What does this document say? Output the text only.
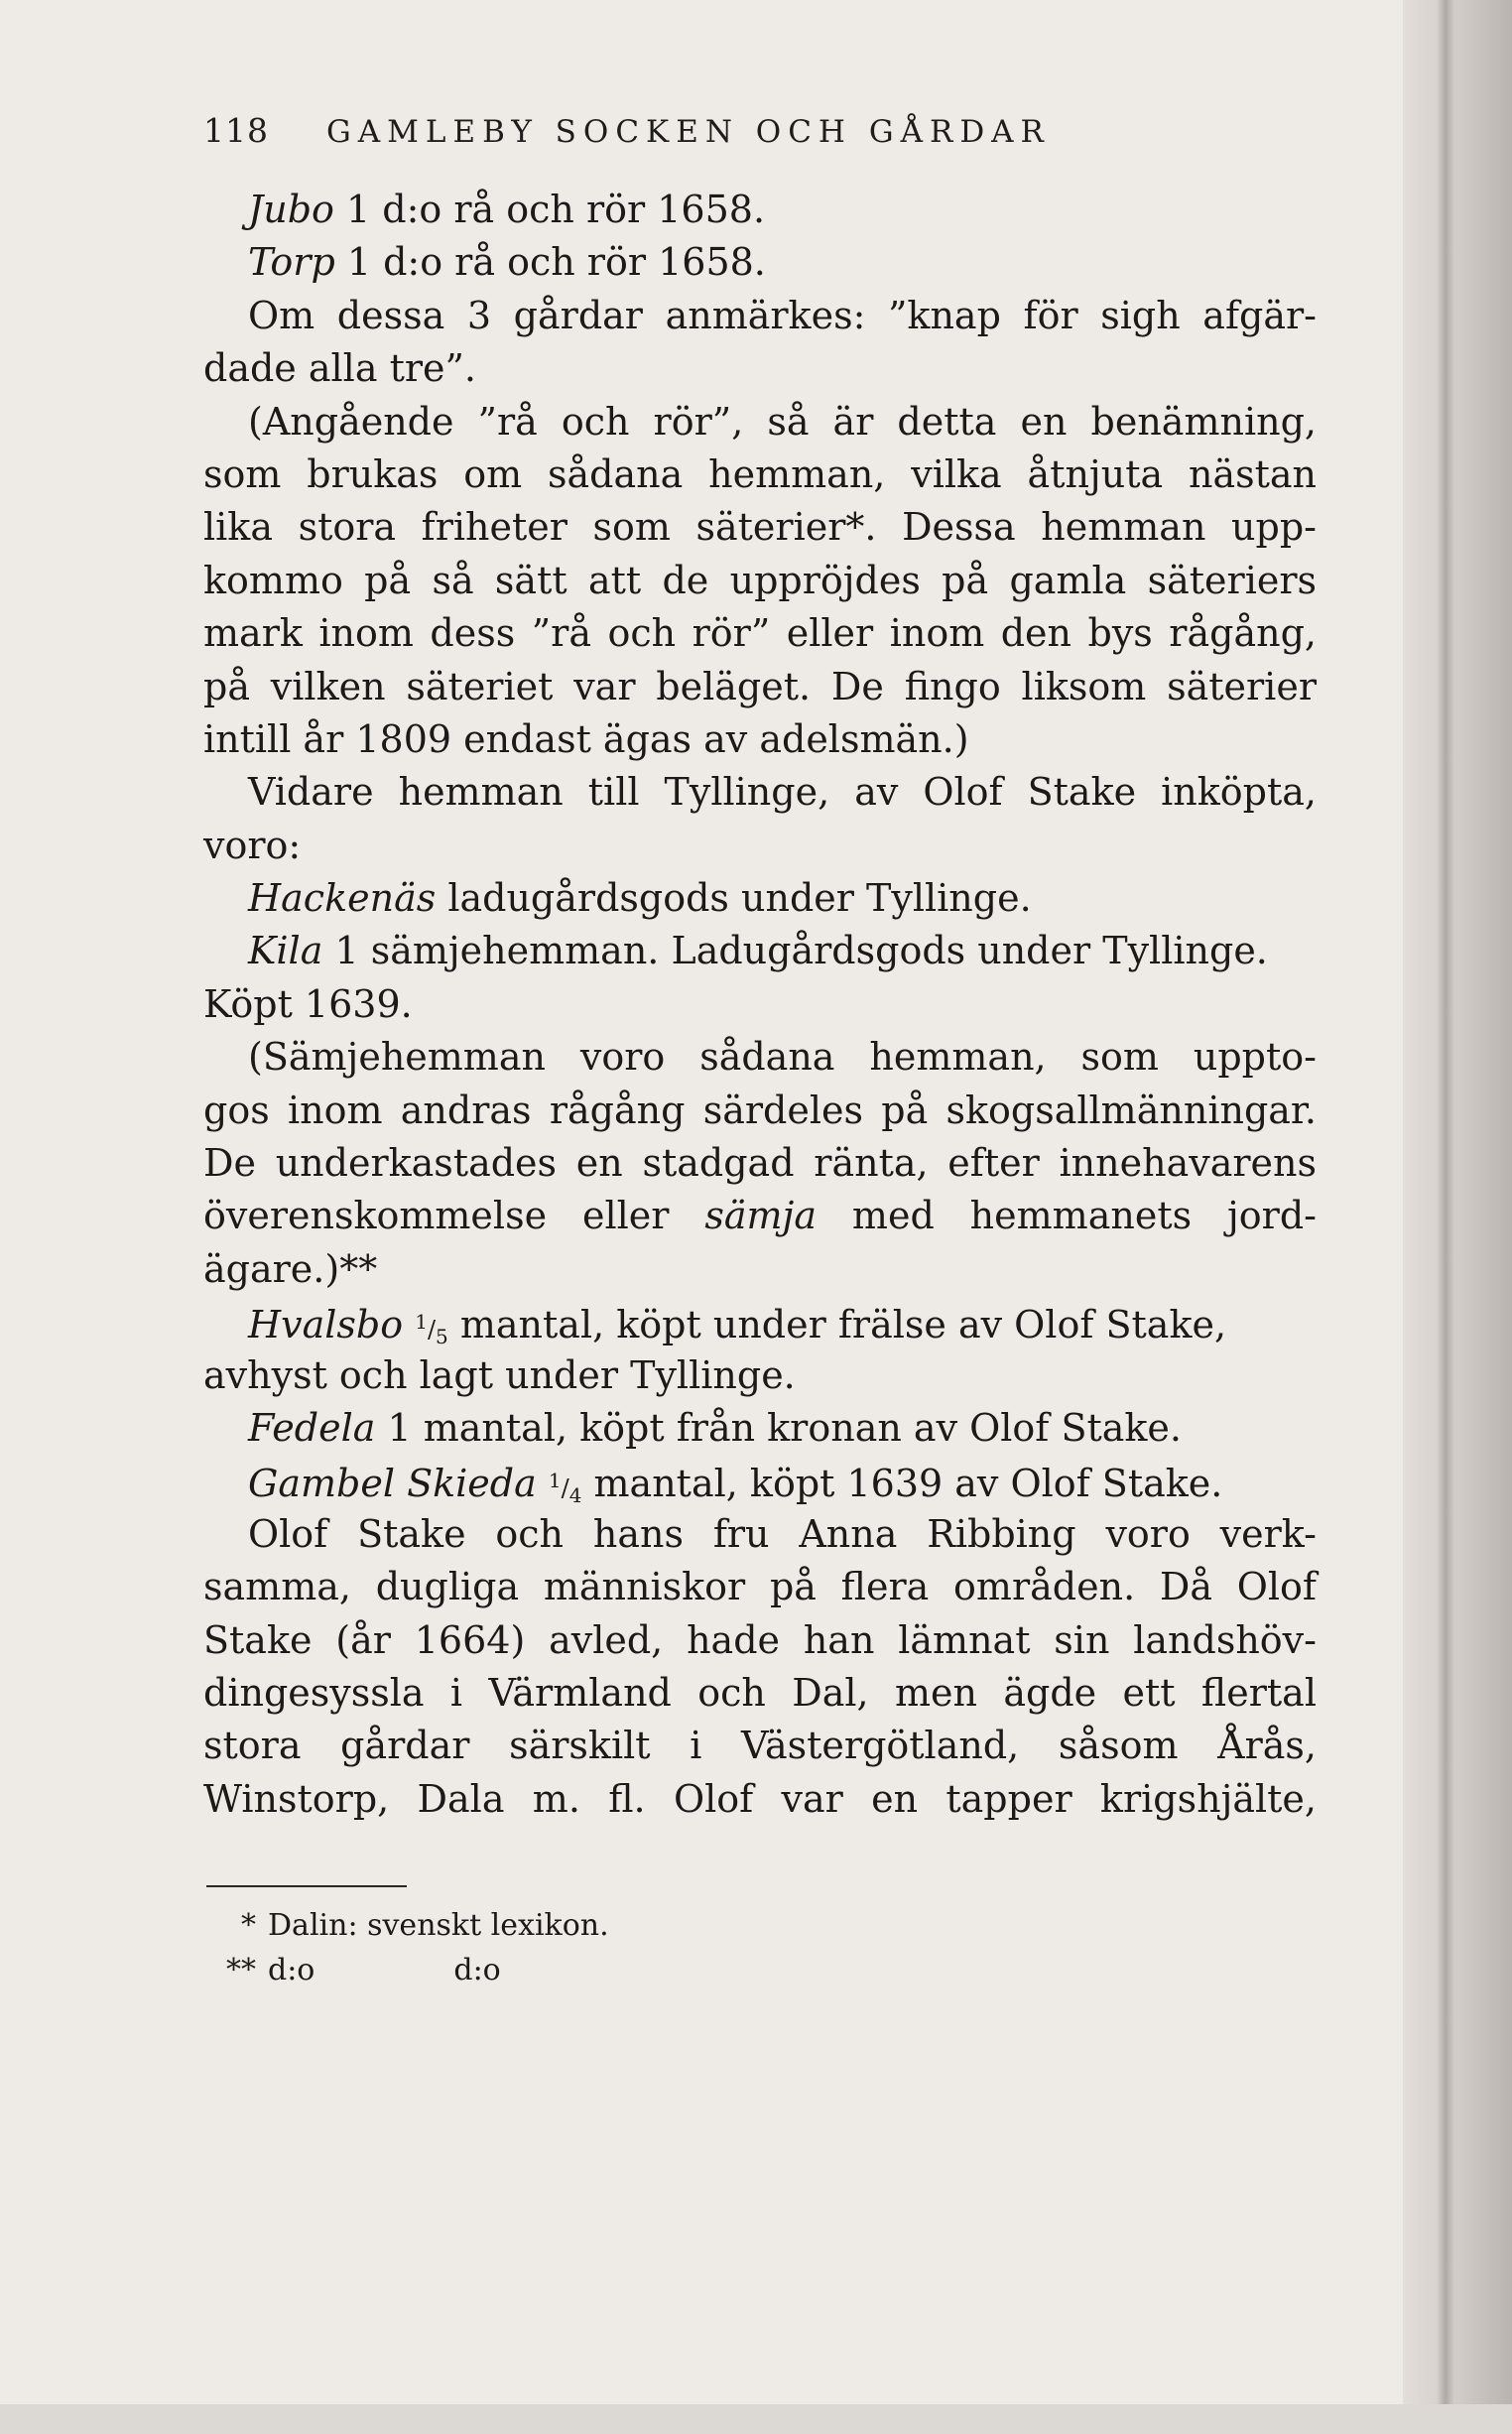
118 GAMLEBY SOCKEN OCH GÅRDAR
Jubo 1 d:o rå och rör 1658.
Torp 1 d:o rå och rör 1658.
Om dessa 3 gårdar anmärkes: ”knap för sigh afgär-
dade alla tre”.
(Angående ”rå och rör”, så är detta en benämning,
som brukas om sådana hemman, vilka åtnjuta nästan
lika stora friheter som säterier*. Dessa hemman upp-
kommo på så sätt att de uppröjdes på gamla säteriers
mark inom dess ”rå och rör” eller inom den bys rågång,
på vilken säteriet var beläget. De fingo liksom säterier
intill år 1809 endast ägas av adelsmän.)
Vidare hemman till Tyllinge, av Olof Stake inköpta,
voro:
Hackenäs ladugårdsgods under Tyllinge.
Kila 1 sämjehemman. Ladugårdsgods under Tyllinge.
Köpt 1639.
(Sämjehemman voro sådana hemman, som uppto-
gos inom andras rågång särdeles på skogsallmänningar.
De underkastades en stadgad ränta, efter innehavarens
överenskommelse eller sämja med hemmanets jord-
ägare.)**
Hvalsbo $^1/_5$ mantal, köpt under frälse av Olof Stake,
avhyst och lagt under Tyllinge.
Fedela 1 mantal, köpt från kronan av Olof Stake.
Gambel Skieda $^1/_4$ mantal, köpt 1639 av Olof Stake.
Olof Stake och hans fru Anna Ribbing voro verk-
samma, dugliga människor på flera områden. Då Olof
Stake (år 1664) avled, hade han lämnat sin landshöv-
dingesyssla i Värmland och Dal, men ägde ett flertal
stora gårdar särskilt i Västergötland, såsom Årås,
Winstorp, Dala m. fl. Olof var en tapper krigshjälte,
* Dalin: svenskt lexikon.
** d:o	d:o
